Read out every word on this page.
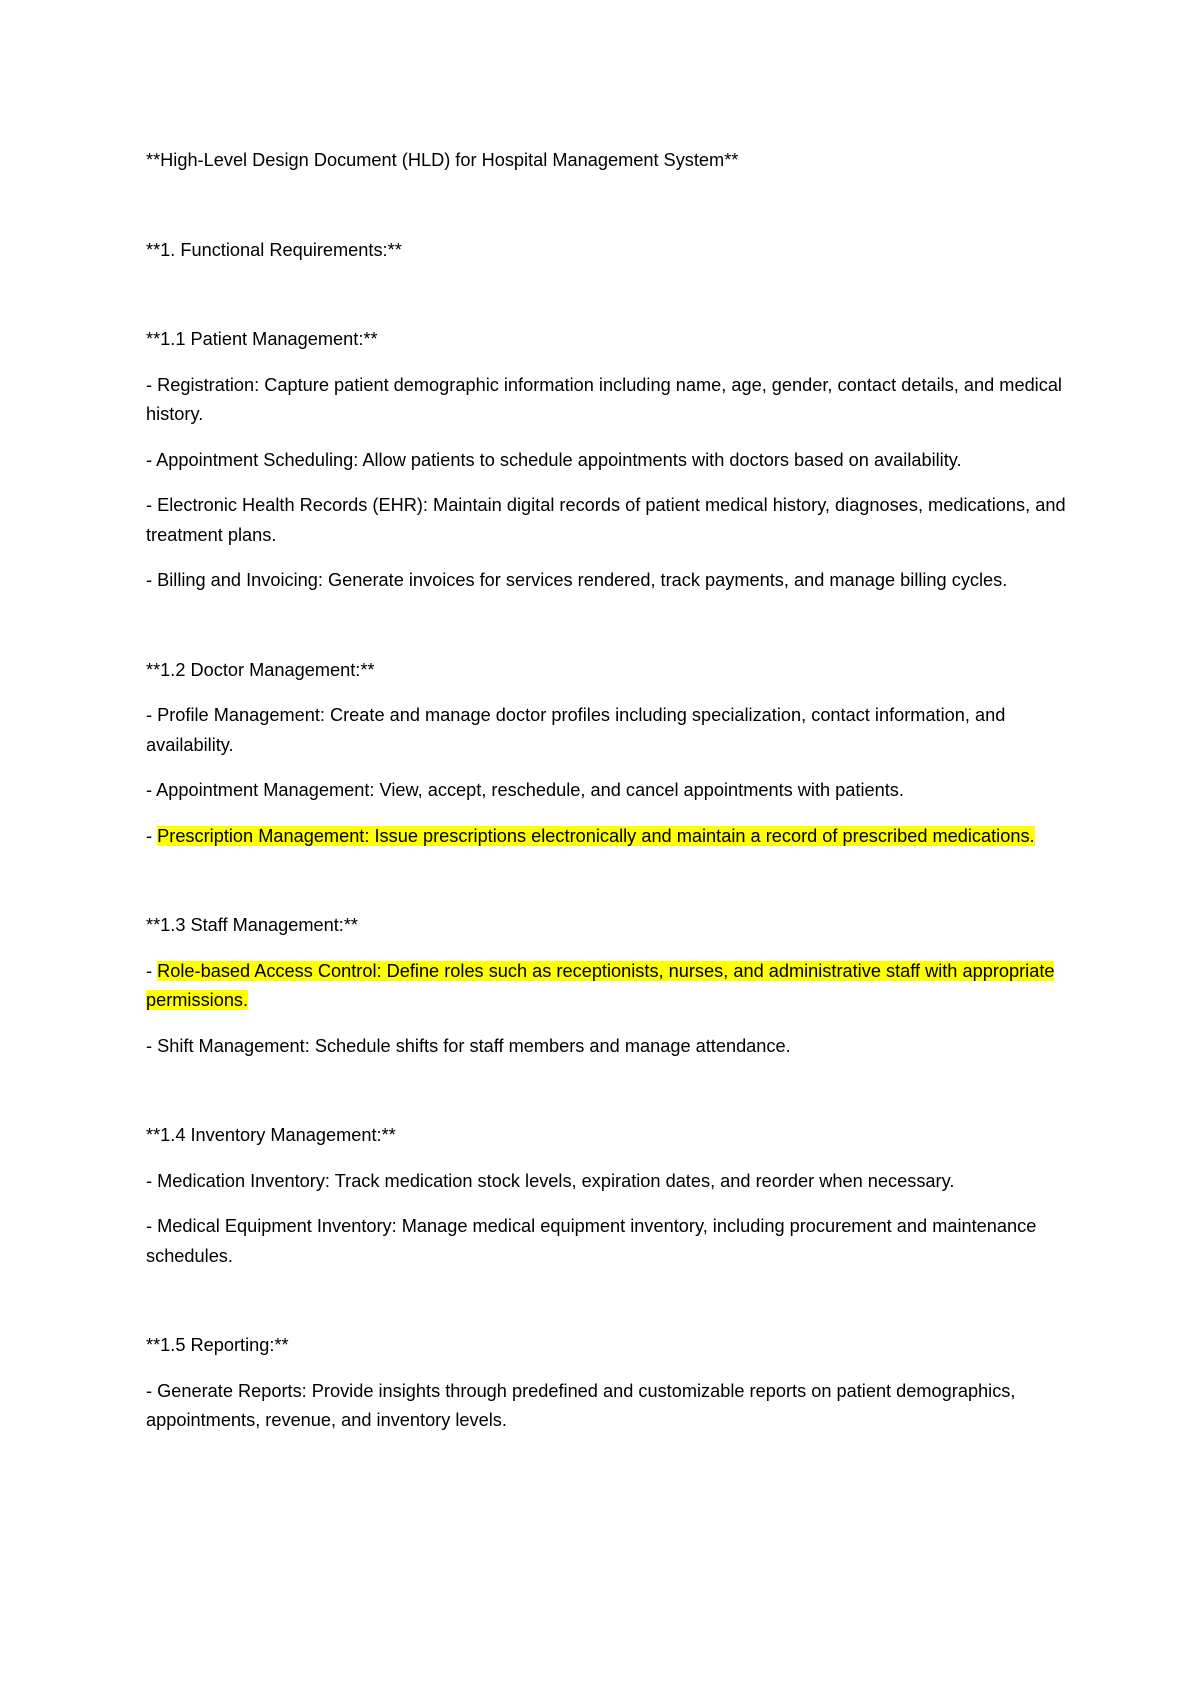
**High-Level Design Document (HLD) for Hospital Management System**

**1. Functional Requirements:**

**1.1 Patient Management:**

- Registration: Capture patient demographic information including name, age, gender, contact details, and medical history.

- Appointment Scheduling: Allow patients to schedule appointments with doctors based on availability.

- Electronic Health Records (EHR): Maintain digital records of patient medical history, diagnoses, medications, and treatment plans.

- Billing and Invoicing: Generate invoices for services rendered, track payments, and manage billing cycles.

**1.2 Doctor Management:**

- Profile Management: Create and manage doctor profiles including specialization, contact information, and availability.

- Appointment Management: View, accept, reschedule, and cancel appointments with patients.

- Prescription Management: Issue prescriptions electronically and maintain a record of prescribed medications.

**1.3 Staff Management:**

- Role-based Access Control: Define roles such as receptionists, nurses, and administrative staff with appropriate permissions.

- Shift Management: Schedule shifts for staff members and manage attendance.

**1.4 Inventory Management:**

- Medication Inventory: Track medication stock levels, expiration dates, and reorder when necessary.

- Medical Equipment Inventory: Manage medical equipment inventory, including procurement and maintenance schedules.

**1.5 Reporting:**

- Generate Reports: Provide insights through predefined and customizable reports on patient demographics, appointments, revenue, and inventory levels.
